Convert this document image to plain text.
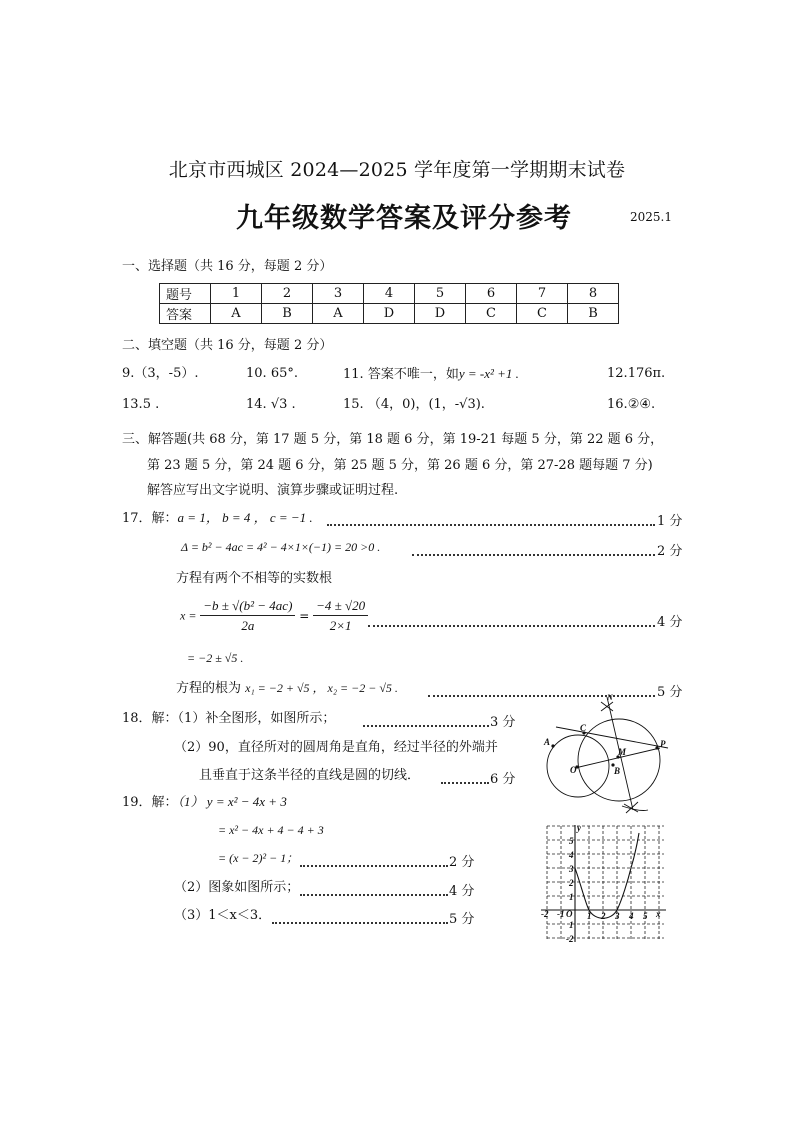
北京市西城区 2024—2025 学年度第一学期期末试卷
九年级数学答案及评分参考	2025.1
一、选择题（共 16 分，每题 2 分）
题号	1	2	3	4	5	6	7	8
答案	A	B	A	D	D	C	C	B
二、填空题（共 16 分，每题 2 分）
9.（3，-5）.	10. 65°.	11. 答案不唯一，如y = -x² +1 .	12.176π.
13.5 .	14. √3 .	15. （4，0)，(1，-√3).	16.②④.
三、解答题(共 68 分，第 17 题 5 分，第 18 题 6 分，第 19-21 每题 5 分，第 22 题 6 分，
第 23 题 5 分，第 24 题 6 分，第 25 题 5 分，第 26 题 6 分，第 27-28 题每题 7 分)
解答应写出文字说明、演算步骤或证明过程.
17．解：a = 1， b = 4 ， c = −1 .	1 分
Δ = b² − 4ac = 4² − 4×1×(−1) = 20 >0 .	2 分
方程有两个不相等的实数根
$x = \frac{\text{−b ± √(b² − 4ac)}}{2a} = \frac{-4 \pm √20}{2\times 1}$	4 分
= −2 ± √5 .
方程的根为 x₁ = −2 + √5 ， x₂ = −2 − √5 .	5 分
18．解：（1）补全图形，如图所示；	3 分
（2）90，直径所对的圆周角是直角，经过半径的外端并
且垂直于这条半径的直线是圆的切线．	6 分
A
C
O	B
M
P
N
19．解：（1） y = x² − 4x + 3
= x² − 4x + 4 − 4 + 3
= (x − 2)² − 1；	2 分
（2）图象如图所示；	4 分
（3）1＜x＜3．	5 分	-2 -1 O 1 2 3 4 5 x
5
4
3
2
1
1
-2
y
